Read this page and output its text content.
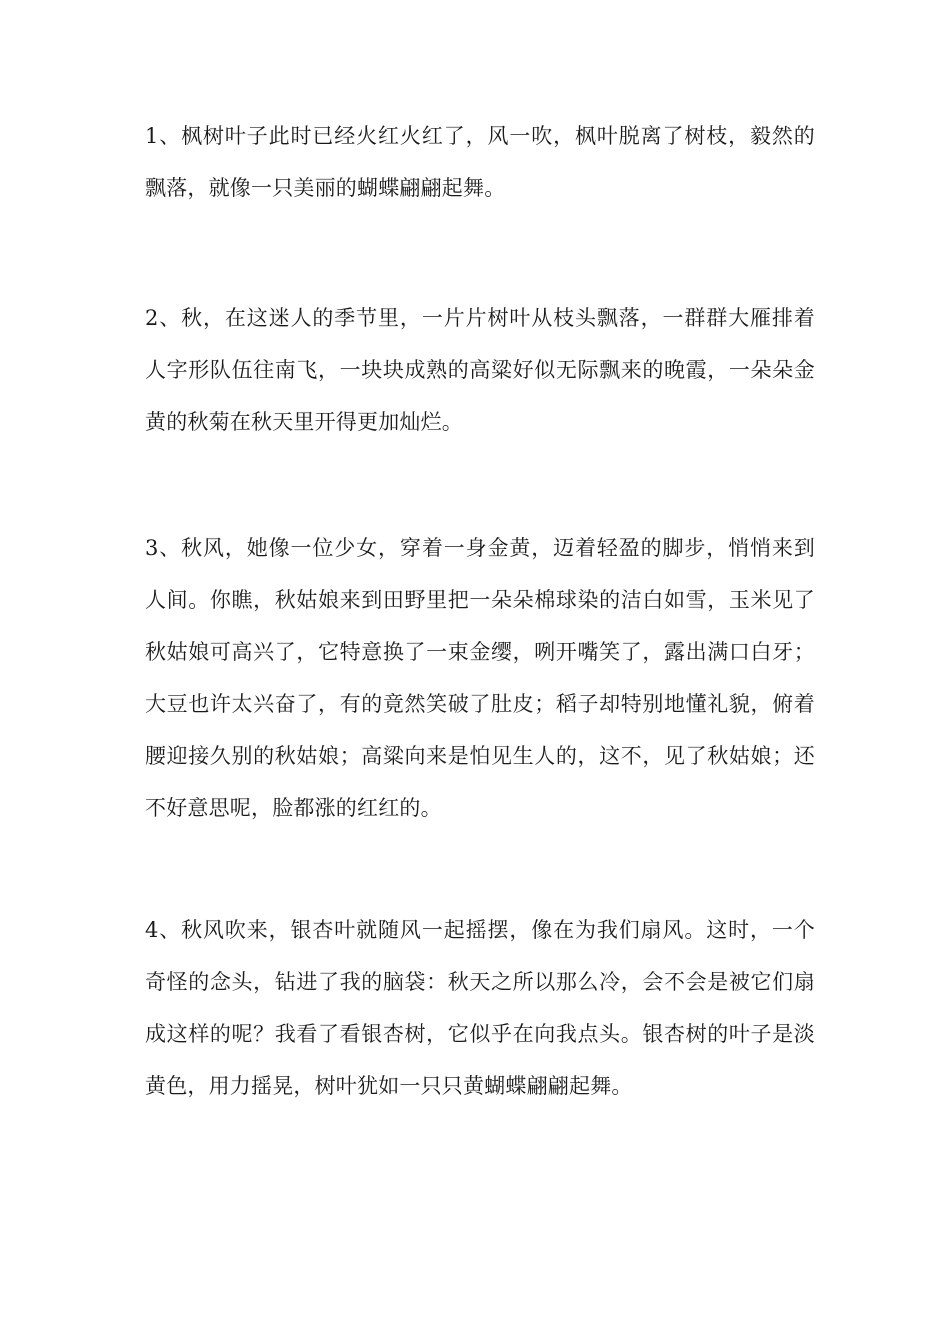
1、枫树叶子此时已经火红火红了，风一吹，枫叶脱离了树枝，毅然的飘落，就像一只美丽的蝴蝶翩翩起舞。

2、秋，在这迷人的季节里，一片片树叶从枝头飘落，一群群大雁排着人字形队伍往南飞，一块块成熟的高粱好似无际飘来的晚霞，一朵朵金黄的秋菊在秋天里开得更加灿烂。

3、秋风，她像一位少女，穿着一身金黄，迈着轻盈的脚步，悄悄来到人间。你瞧，秋姑娘来到田野里把一朵朵棉球染的洁白如雪，玉米见了秋姑娘可高兴了，它特意换了一束金缨，咧开嘴笑了，露出满口白牙；大豆也许太兴奋了，有的竟然笑破了肚皮；稻子却特别地懂礼貌，俯着腰迎接久别的秋姑娘；高粱向来是怕见生人的，这不，见了秋姑娘；还不好意思呢，脸都涨的红红的。

4、秋风吹来，银杏叶就随风一起摇摆，像在为我们扇风。这时，一个奇怪的念头，钻进了我的脑袋：秋天之所以那么冷，会不会是被它们扇成这样的呢？我看了看银杏树，它似乎在向我点头。银杏树的叶子是淡黄色，用力摇晃，树叶犹如一只只黄蝴蝶翩翩起舞。
